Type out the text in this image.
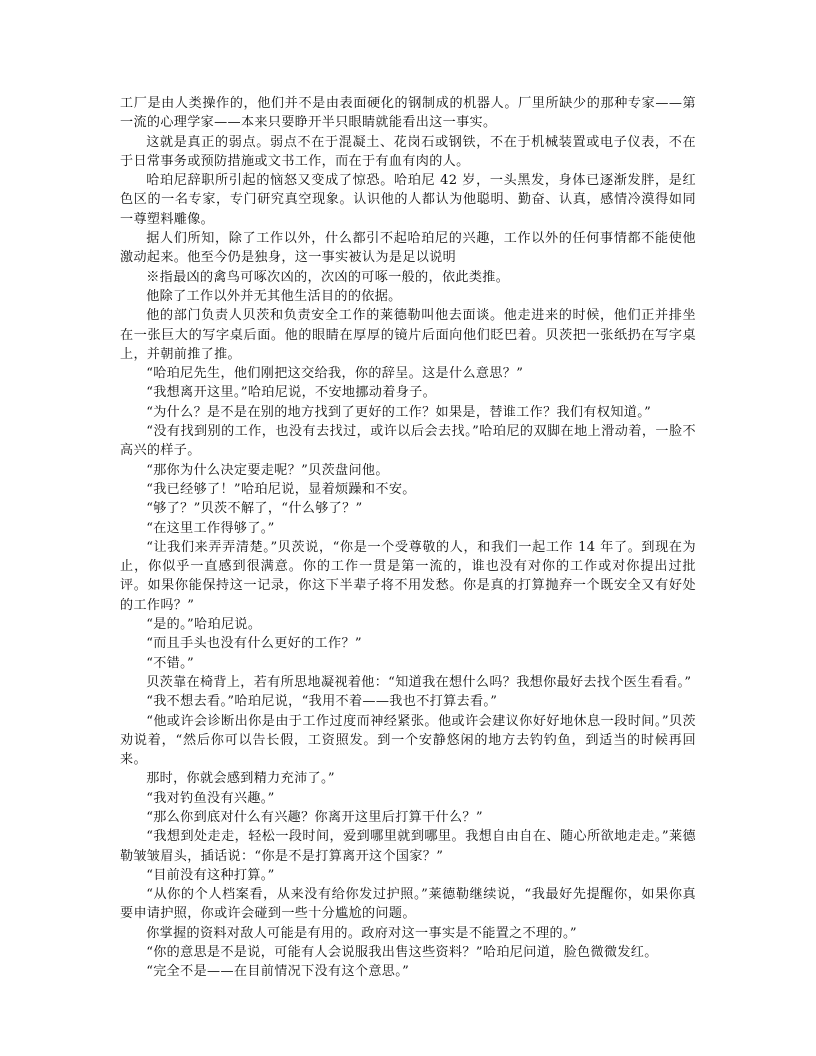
工厂是由人类操作的，他们并不是由表面硬化的钢制成的机器人。厂里所缺少的那种专家——第一流的心理学家——本来只要睁开半只眼睛就能看出这一事实。

这就是真正的弱点。弱点不在于混凝土、花岗石或钢铁，不在于机械装置或电子仪表，不在于日常事务或预防措施或文书工作，而在于有血有肉的人。

哈珀尼辞职所引起的恼怒又变成了惊恐。哈珀尼 42 岁，一头黑发，身体已逐渐发胖，是红色区的一名专家，专门研究真空现象。认识他的人都认为他聪明、勤奋、认真，感情冷漠得如同一尊塑料雕像。

据人们所知，除了工作以外，什么都引不起哈珀尼的兴趣，工作以外的任何事情都不能使他激动起来。他至今仍是独身，这一事实被认为是足以说明

※指最凶的禽鸟可啄次凶的，次凶的可啄一般的，依此类推。

他除了工作以外并无其他生活目的的依据。

他的部门负责人贝茨和负责安全工作的莱德勒叫他去面谈。他走进来的时候，他们正并排坐在一张巨大的写字桌后面。他的眼睛在厚厚的镜片后面向他们眨巴着。贝茨把一张纸扔在写字桌上，并朝前推了推。

“哈珀尼先生，他们刚把这交给我，你的辞呈。这是什么意思？”

“我想离开这里。”哈珀尼说，不安地挪动着身子。

“为什么？是不是在别的地方找到了更好的工作？如果是，替谁工作？我们有权知道。”

“没有找到别的工作，也没有去找过，或许以后会去找。”哈珀尼的双脚在地上滑动着，一脸不高兴的样子。

“那你为什么决定要走呢？”贝茨盘问他。

“我已经够了！”哈珀尼说，显着烦躁和不安。

“够了？”贝茨不解了，“什么够了？”

“在这里工作得够了。”

“让我们来弄弄清楚。”贝茨说，“你是一个受尊敬的人，和我们一起工作 14 年了。到现在为止，你似乎一直感到很满意。你的工作一贯是第一流的，谁也没有对你的工作或对你提出过批评。如果你能保持这一记录，你这下半辈子将不用发愁。你是真的打算抛弃一个既安全又有好处的工作吗？”

“是的。”哈珀尼说。

“而且手头也没有什么更好的工作？”

“不错。”

贝茨靠在椅背上，若有所思地凝视着他：“知道我在想什么吗？我想你最好去找个医生看看。”

“我不想去看。”哈珀尼说，“我用不着——我也不打算去看。”

“他或许会诊断出你是由于工作过度而神经紧张。他或许会建议你好好地休息一段时间。”贝茨劝说着，“然后你可以告长假，工资照发。到一个安静悠闲的地方去钓钓鱼，到适当的时候再回来。

那时，你就会感到精力充沛了。”

“我对钓鱼没有兴趣。”

“那么你到底对什么有兴趣？你离开这里后打算干什么？”

“我想到处走走，轻松一段时间，爱到哪里就到哪里。我想自由自在、随心所欲地走走。”莱德勒皱皱眉头，插话说：“你是不是打算离开这个国家？”

“目前没有这种打算。”

“从你的个人档案看，从来没有给你发过护照。”莱德勒继续说，“我最好先提醒你，如果你真要申请护照，你或许会碰到一些十分尴尬的问题。

你掌握的资料对敌人可能是有用的。政府对这一事实是不能置之不理的。”

“你的意思是不是说，可能有人会说服我出售这些资料？”哈珀尼问道，脸色微微发红。

“完全不是——在目前情况下没有这个意思。”
